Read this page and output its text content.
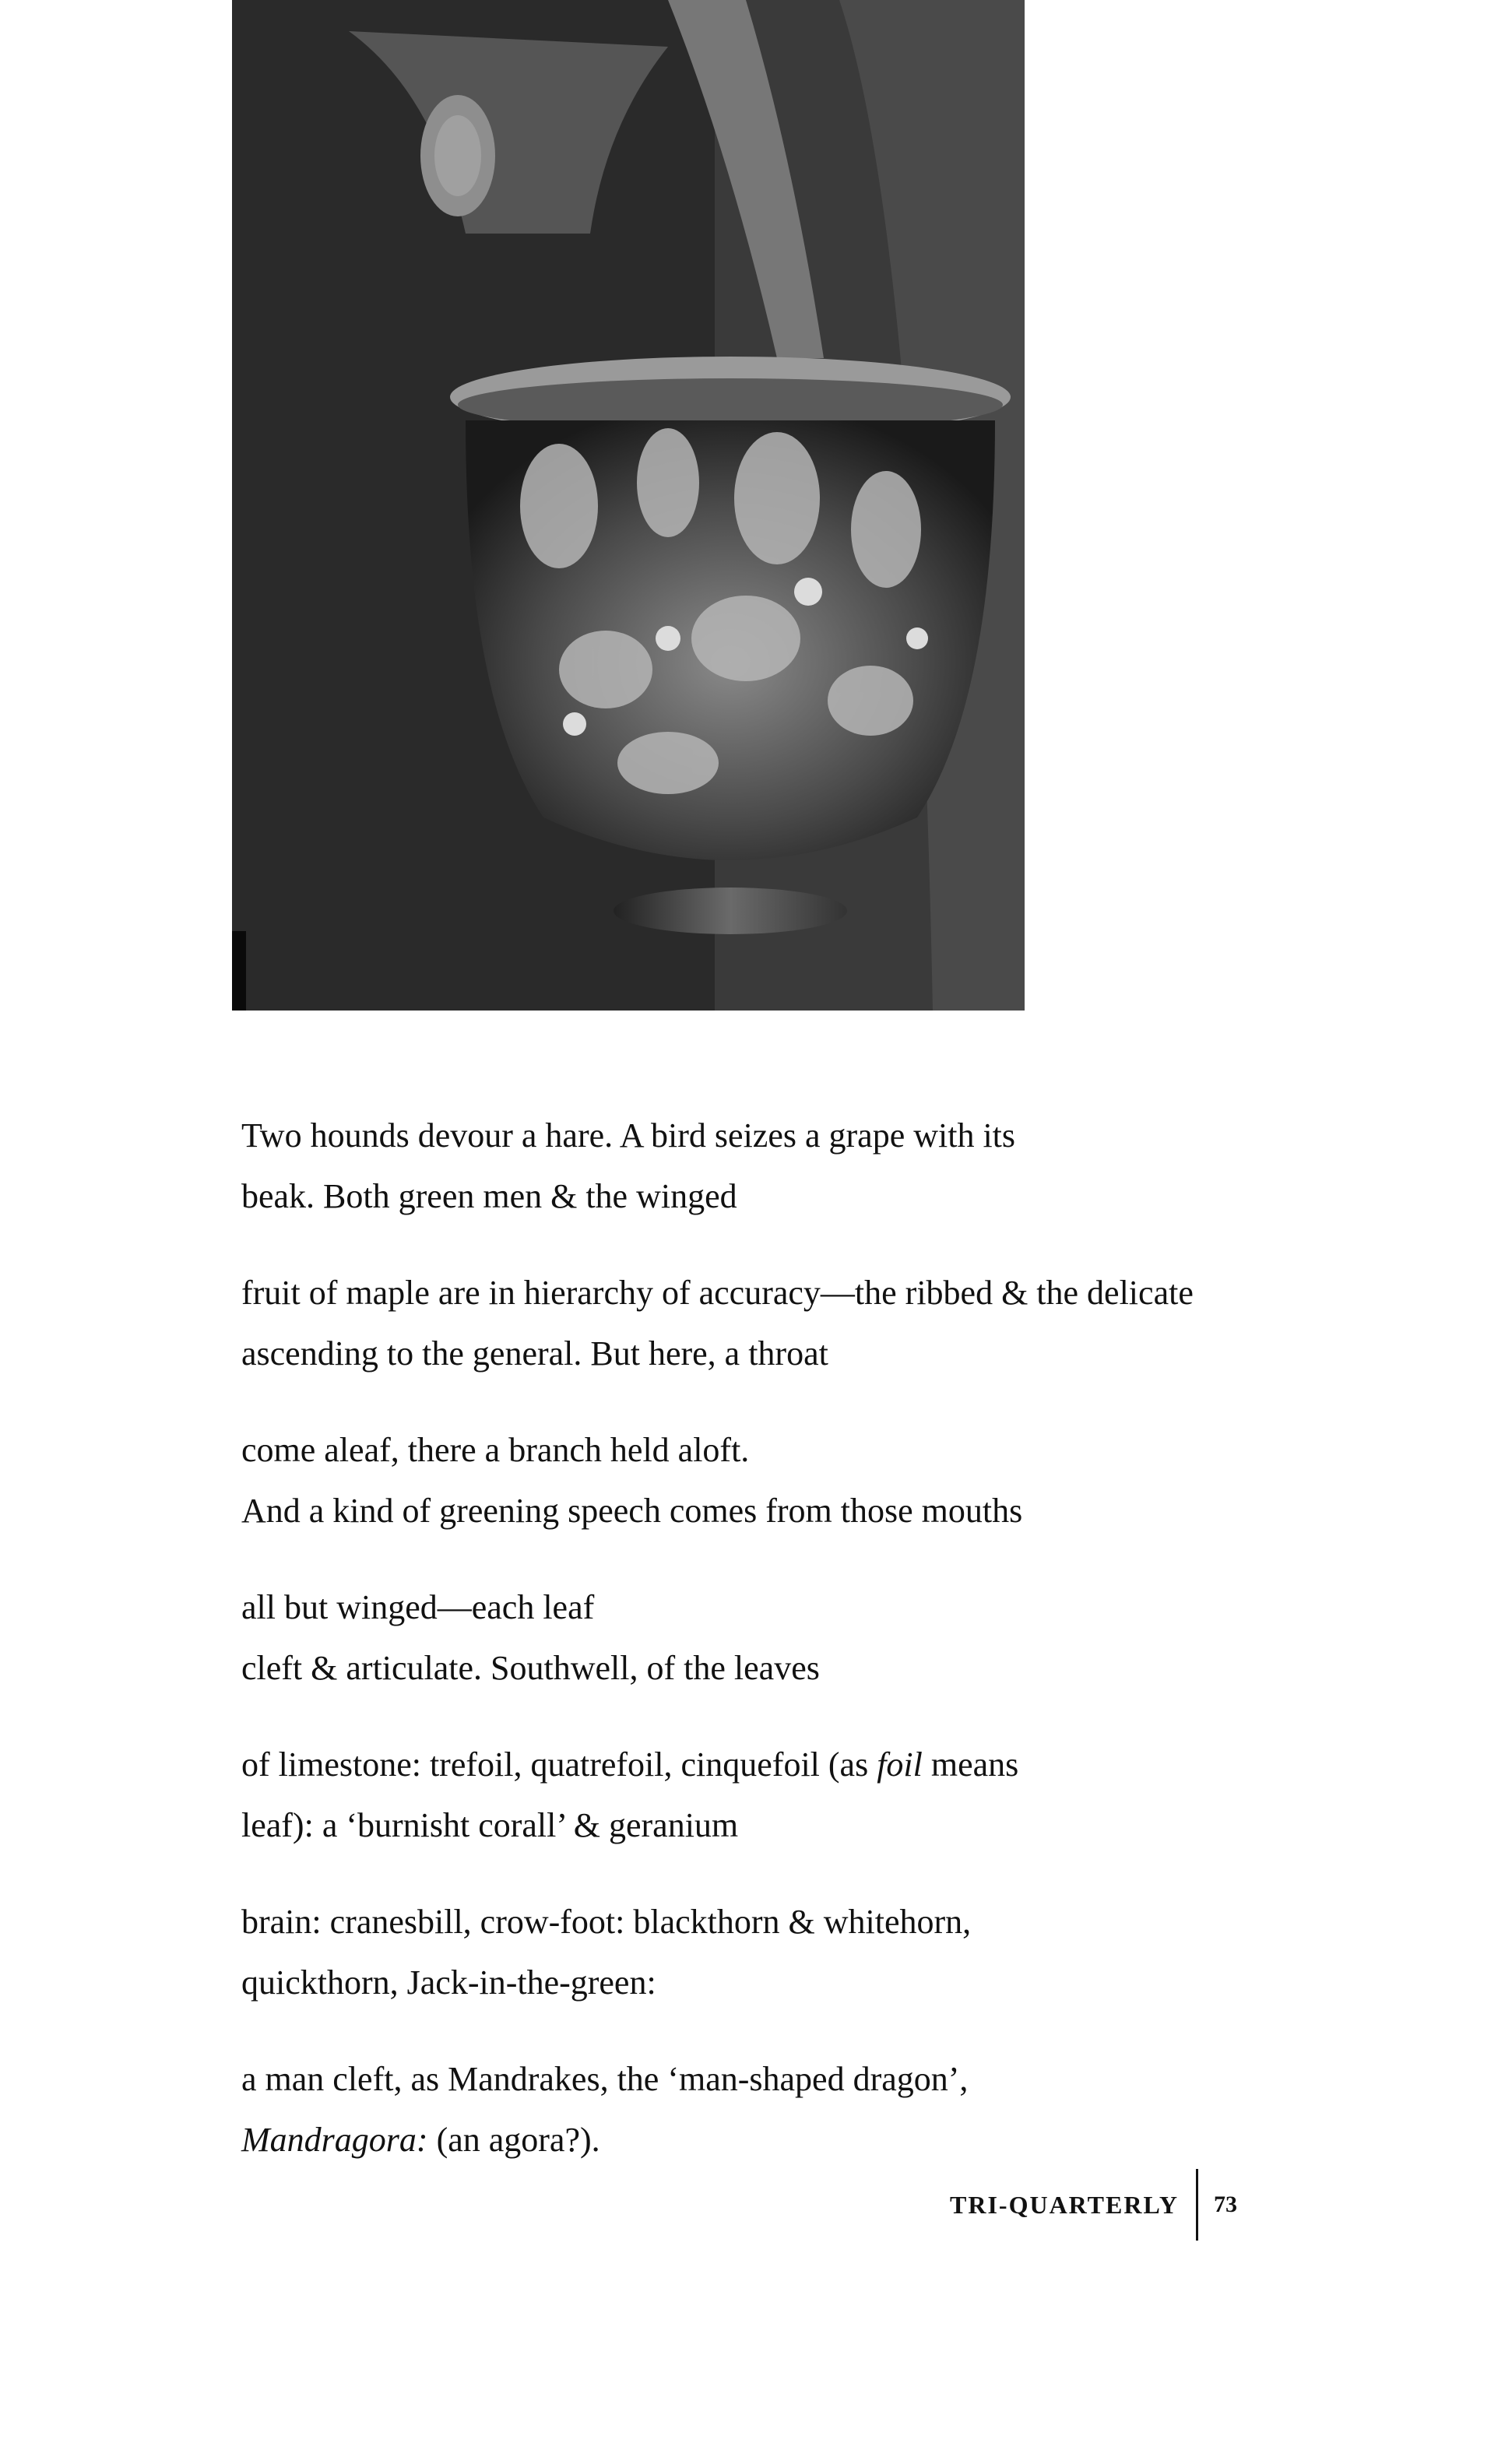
Two hounds devour a hare. A bird seizes a grape with its
beak. Both green men & the winged
fruit of maple are in hierarchy of accuracy—the ribbed & the delicate
ascending to the general. But here, a throat
come aleaf, there a branch held aloft.
And a kind of greening speech comes from those mouths
all but winged—each leaf
cleft & articulate. Southwell, of the leaves
of limestone: trefoil, quatrefoil, cinquefoil (as foil means
leaf): a ‘burnisht corall’ & geranium
brain: cranesbill, crow-foot: blackthorn & whitehorn,
quickthorn, Jack-in-the-green:
a man cleft, as Mandrakes, the ‘man-shaped dragon’,
Mandragora: (an agora?).
TRI-QUARTERLY 73
